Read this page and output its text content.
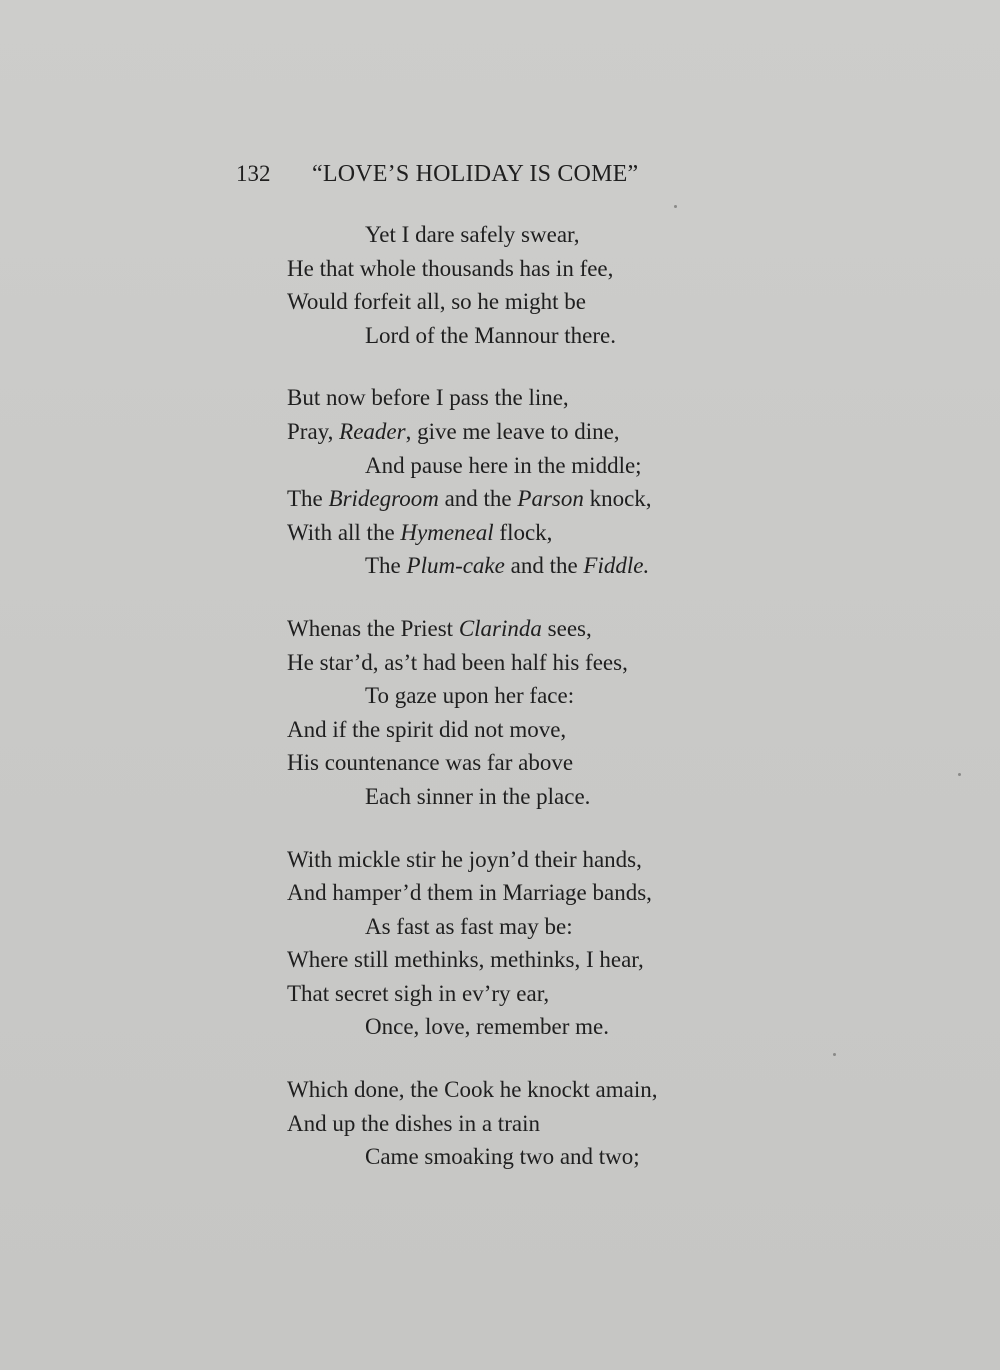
132 “LOVE’S HOLIDAY IS COME”
Yet I dare safely swear,
He that whole thousands has in fee,
Would forfeit all, so he might be
Lord of the Mannour there.
But now before I pass the line,
Pray, Reader, give me leave to dine,
And pause here in the middle;
The Bridegroom and the Parson knock,
With all the Hymeneal flock,
The Plum-cake and the Fiddle.
Whenas the Priest Clarinda sees,
He star’d, as’t had been half his fees,
To gaze upon her face:
And if the spirit did not move,
His countenance was far above
Each sinner in the place.
With mickle stir he joyn’d their hands,
And hamper’d them in Marriage bands,
As fast as fast may be:
Where still methinks, methinks, I hear,
That secret sigh in ev’ry ear,
Once, love, remember me.
Which done, the Cook he knockt amain,
And up the dishes in a train
Came smoaking two and two;
